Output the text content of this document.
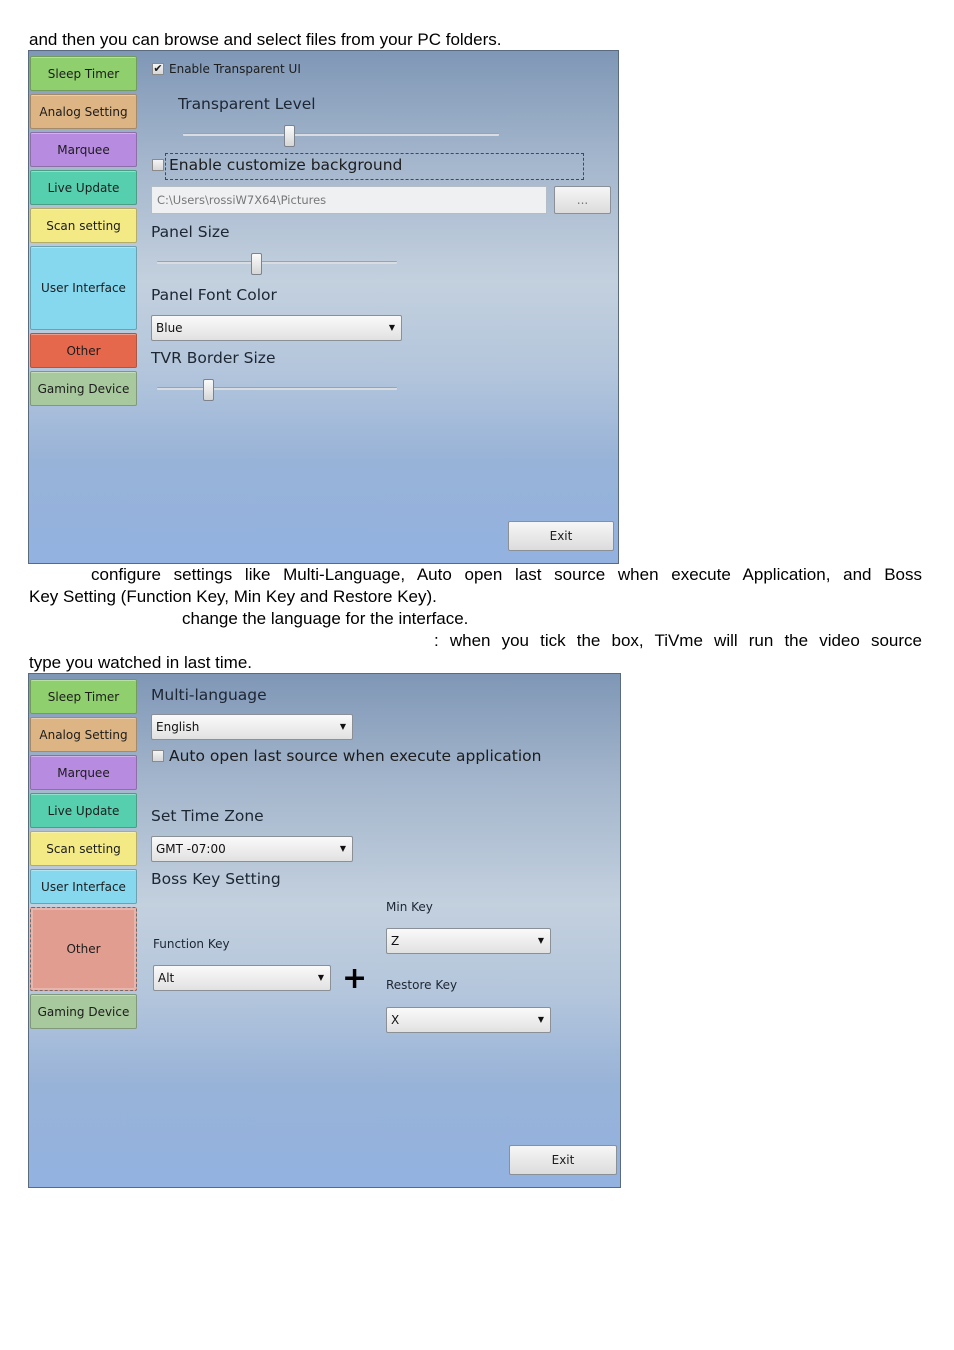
and then you can browse and select files from your PC folders.
Sleep Timer
Analog Setting
Marquee
Live Update
Scan setting
User Interface
Other
Gaming Device
✔ Enable Transparent UI
Transparent Level
Enable customize background
C:\Users\rossiW7X64\Pictures	...
Panel Size
Panel Font Color
Blue	▼
TVR Border Size
Exit
configure settings like Multi-Language, Auto open last source when execute Application, and Boss
Key Setting (Function Key, Min Key and Restore Key).
change the language for the interface.
: when you tick the box, TiVme will run the video source
type you watched in last time.
Sleep Timer
Analog Setting
Marquee
Live Update
Scan setting
User Interface
Other
Gaming Device
Multi-language
English	▼
Auto open last source when execute application
Set Time Zone
GMT -07:00	▼
Boss Key Setting
Min Key
Z	▼
Function Key
Alt	▼ + Restore Key
X	▼
Exit
